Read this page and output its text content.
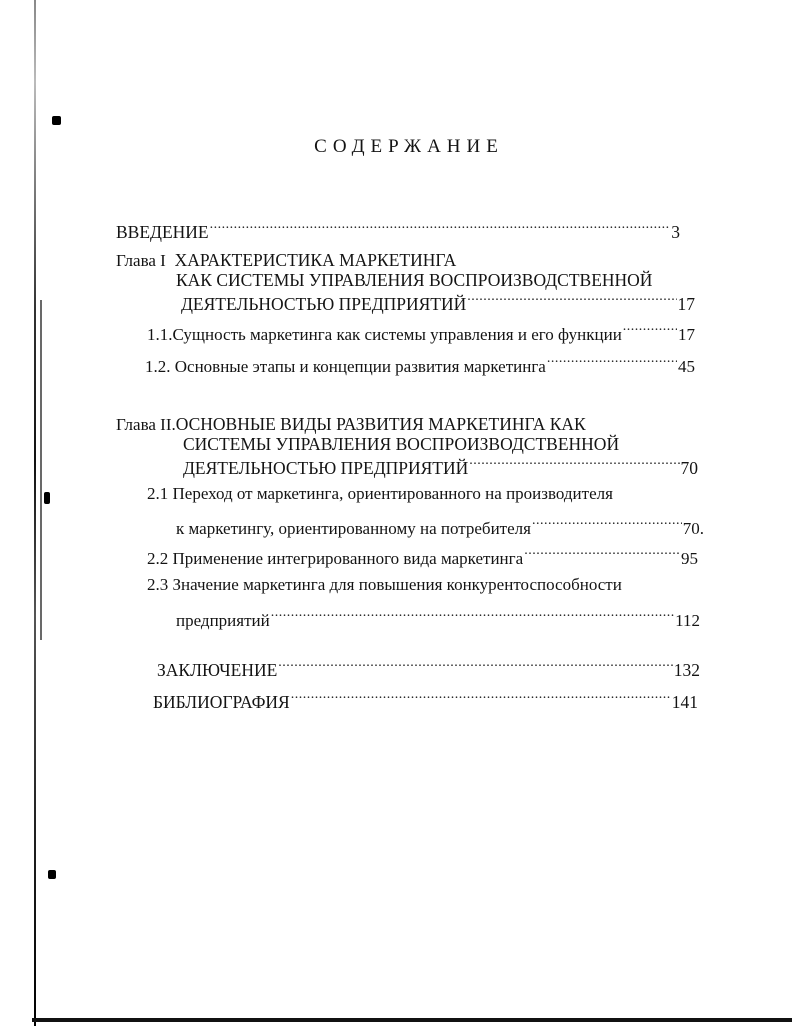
СОДЕРЖАНИЕ
ВВЕДЕНИЕ .....	3
Глава I ХАРАКТЕРИСТИКА МАРКЕТИНГА
КАК СИСТЕМЫ УПРАВЛЕНИЯ ВОСПРОИЗВОДСТВЕННОЙ
ДЕЯТЕЛЬНОСТЬЮ ПРЕДПРИЯТИЙ .....	17
1.1.Сущность маркетинга как системы управления и его функции .....	17
1.2. Основные этапы и концепции развития маркетинга .....	45
Глава II.ОСНОВНЫЕ ВИДЫ РАЗВИТИЯ МАРКЕТИНГА КАК
СИСТЕМЫ УПРАВЛЕНИЯ ВОСПРОИЗВОДСТВЕННОЙ
ДЕЯТЕЛЬНОСТЬЮ ПРЕДПРИЯТИЙ .....	70
2.1 Переход от маркетинга, ориентированного на производителя
к маркетингу, ориентированному на потребителя .....	70.
2.2 Применение интегрированного вида маркетинга .....	95
2.3 Значение маркетинга для повышения конкурентоспособности
предприятий .....	112
ЗАКЛЮЧЕНИЕ .....	132
БИБЛИОГРАФИЯ .....	141
